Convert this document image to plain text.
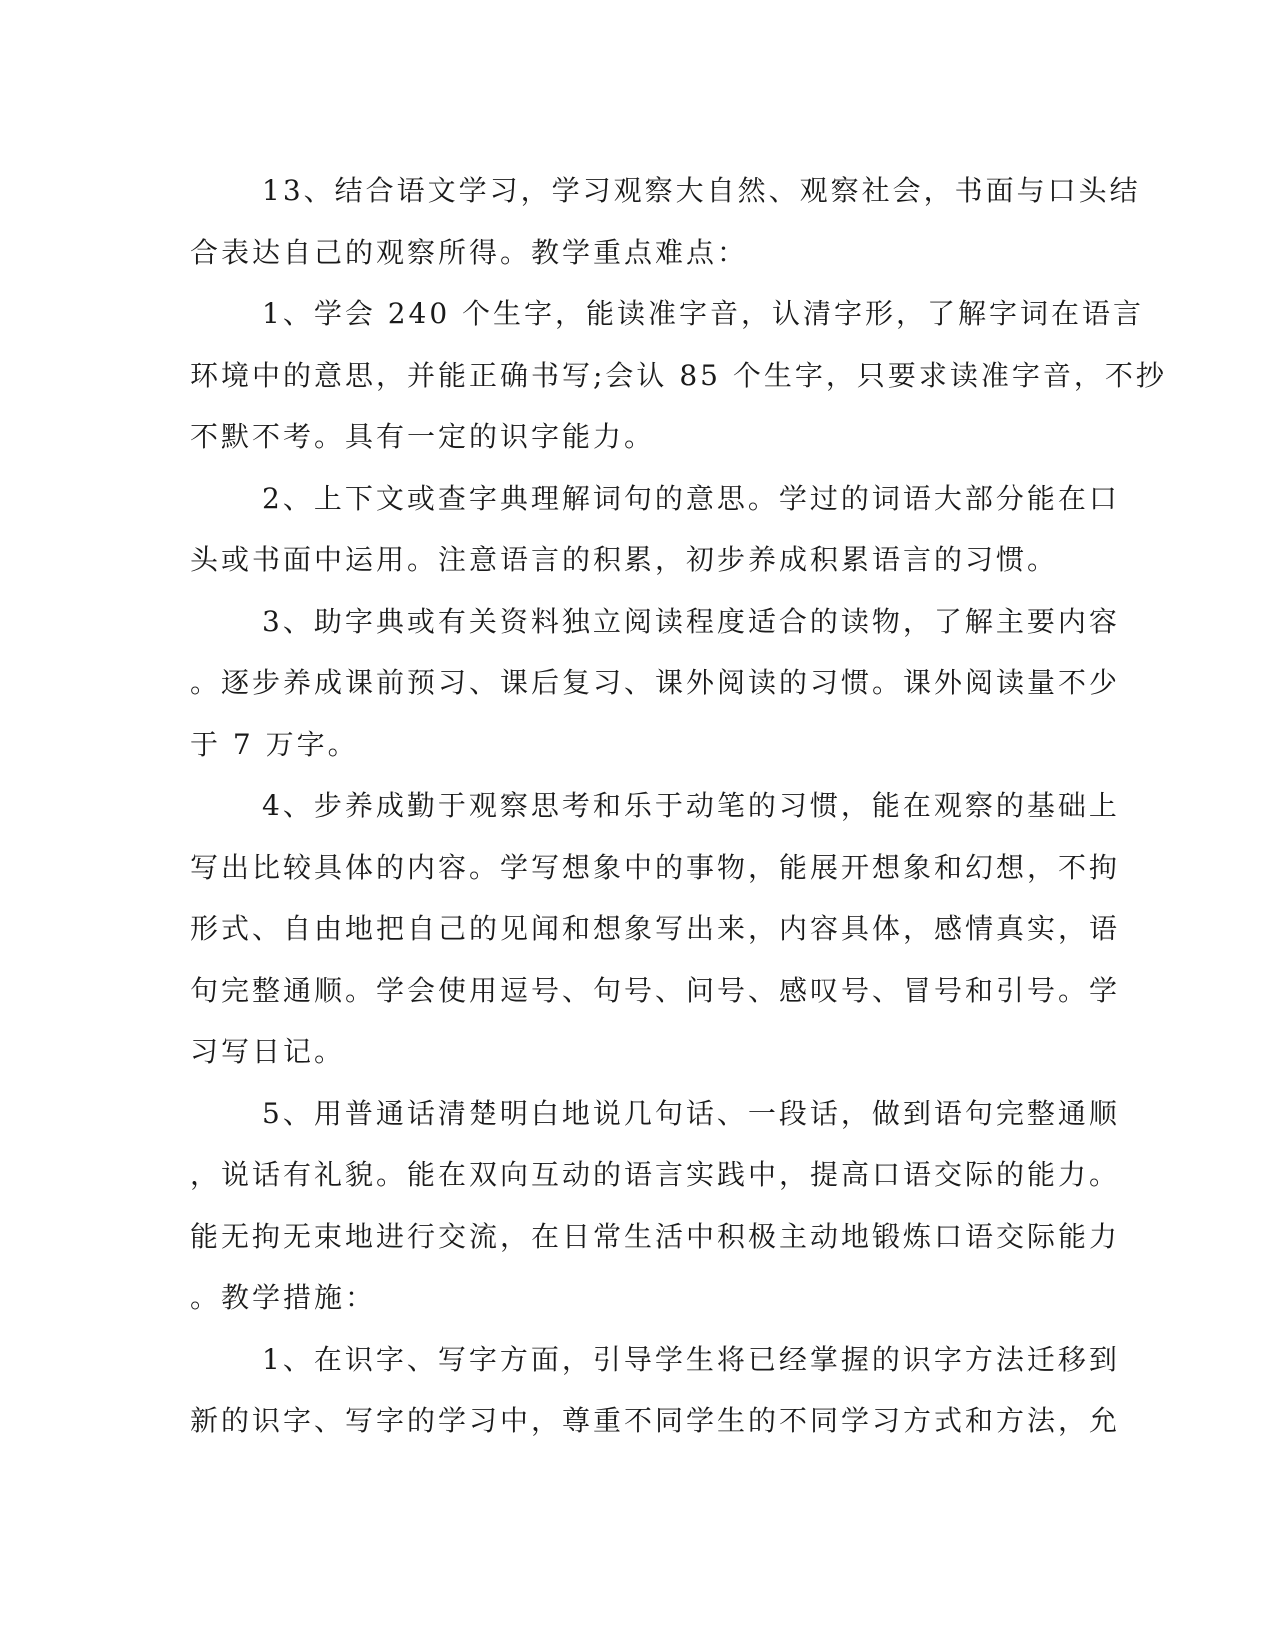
13、结合语文学习，学习观察大自然、观察社会，书面与口头结
合表达自己的观察所得。教学重点难点：
1、学会 240 个生字，能读准字音，认清字形，了解字词在语言
环境中的意思，并能正确书写;会认 85 个生字，只要求读准字音，不抄
不默不考。具有一定的识字能力。
2、上下文或查字典理解词句的意思。学过的词语大部分能在口
头或书面中运用。注意语言的积累，初步养成积累语言的习惯。
3、助字典或有关资料独立阅读程度适合的读物，了解主要内容
。逐步养成课前预习、课后复习、课外阅读的习惯。课外阅读量不少
于 7 万字。
4、步养成勤于观察思考和乐于动笔的习惯，能在观察的基础上
写出比较具体的内容。学写想象中的事物，能展开想象和幻想，不拘
形式、自由地把自己的见闻和想象写出来，内容具体，感情真实，语
句完整通顺。学会使用逗号、句号、问号、感叹号、冒号和引号。学
习写日记。
5、用普通话清楚明白地说几句话、一段话，做到语句完整通顺
，说话有礼貌。能在双向互动的语言实践中，提高口语交际的能力。
能无拘无束地进行交流，在日常生活中积极主动地锻炼口语交际能力
。教学措施：
1、在识字、写字方面，引导学生将已经掌握的识字方法迁移到
新的识字、写字的学习中，尊重不同学生的不同学习方式和方法，允
